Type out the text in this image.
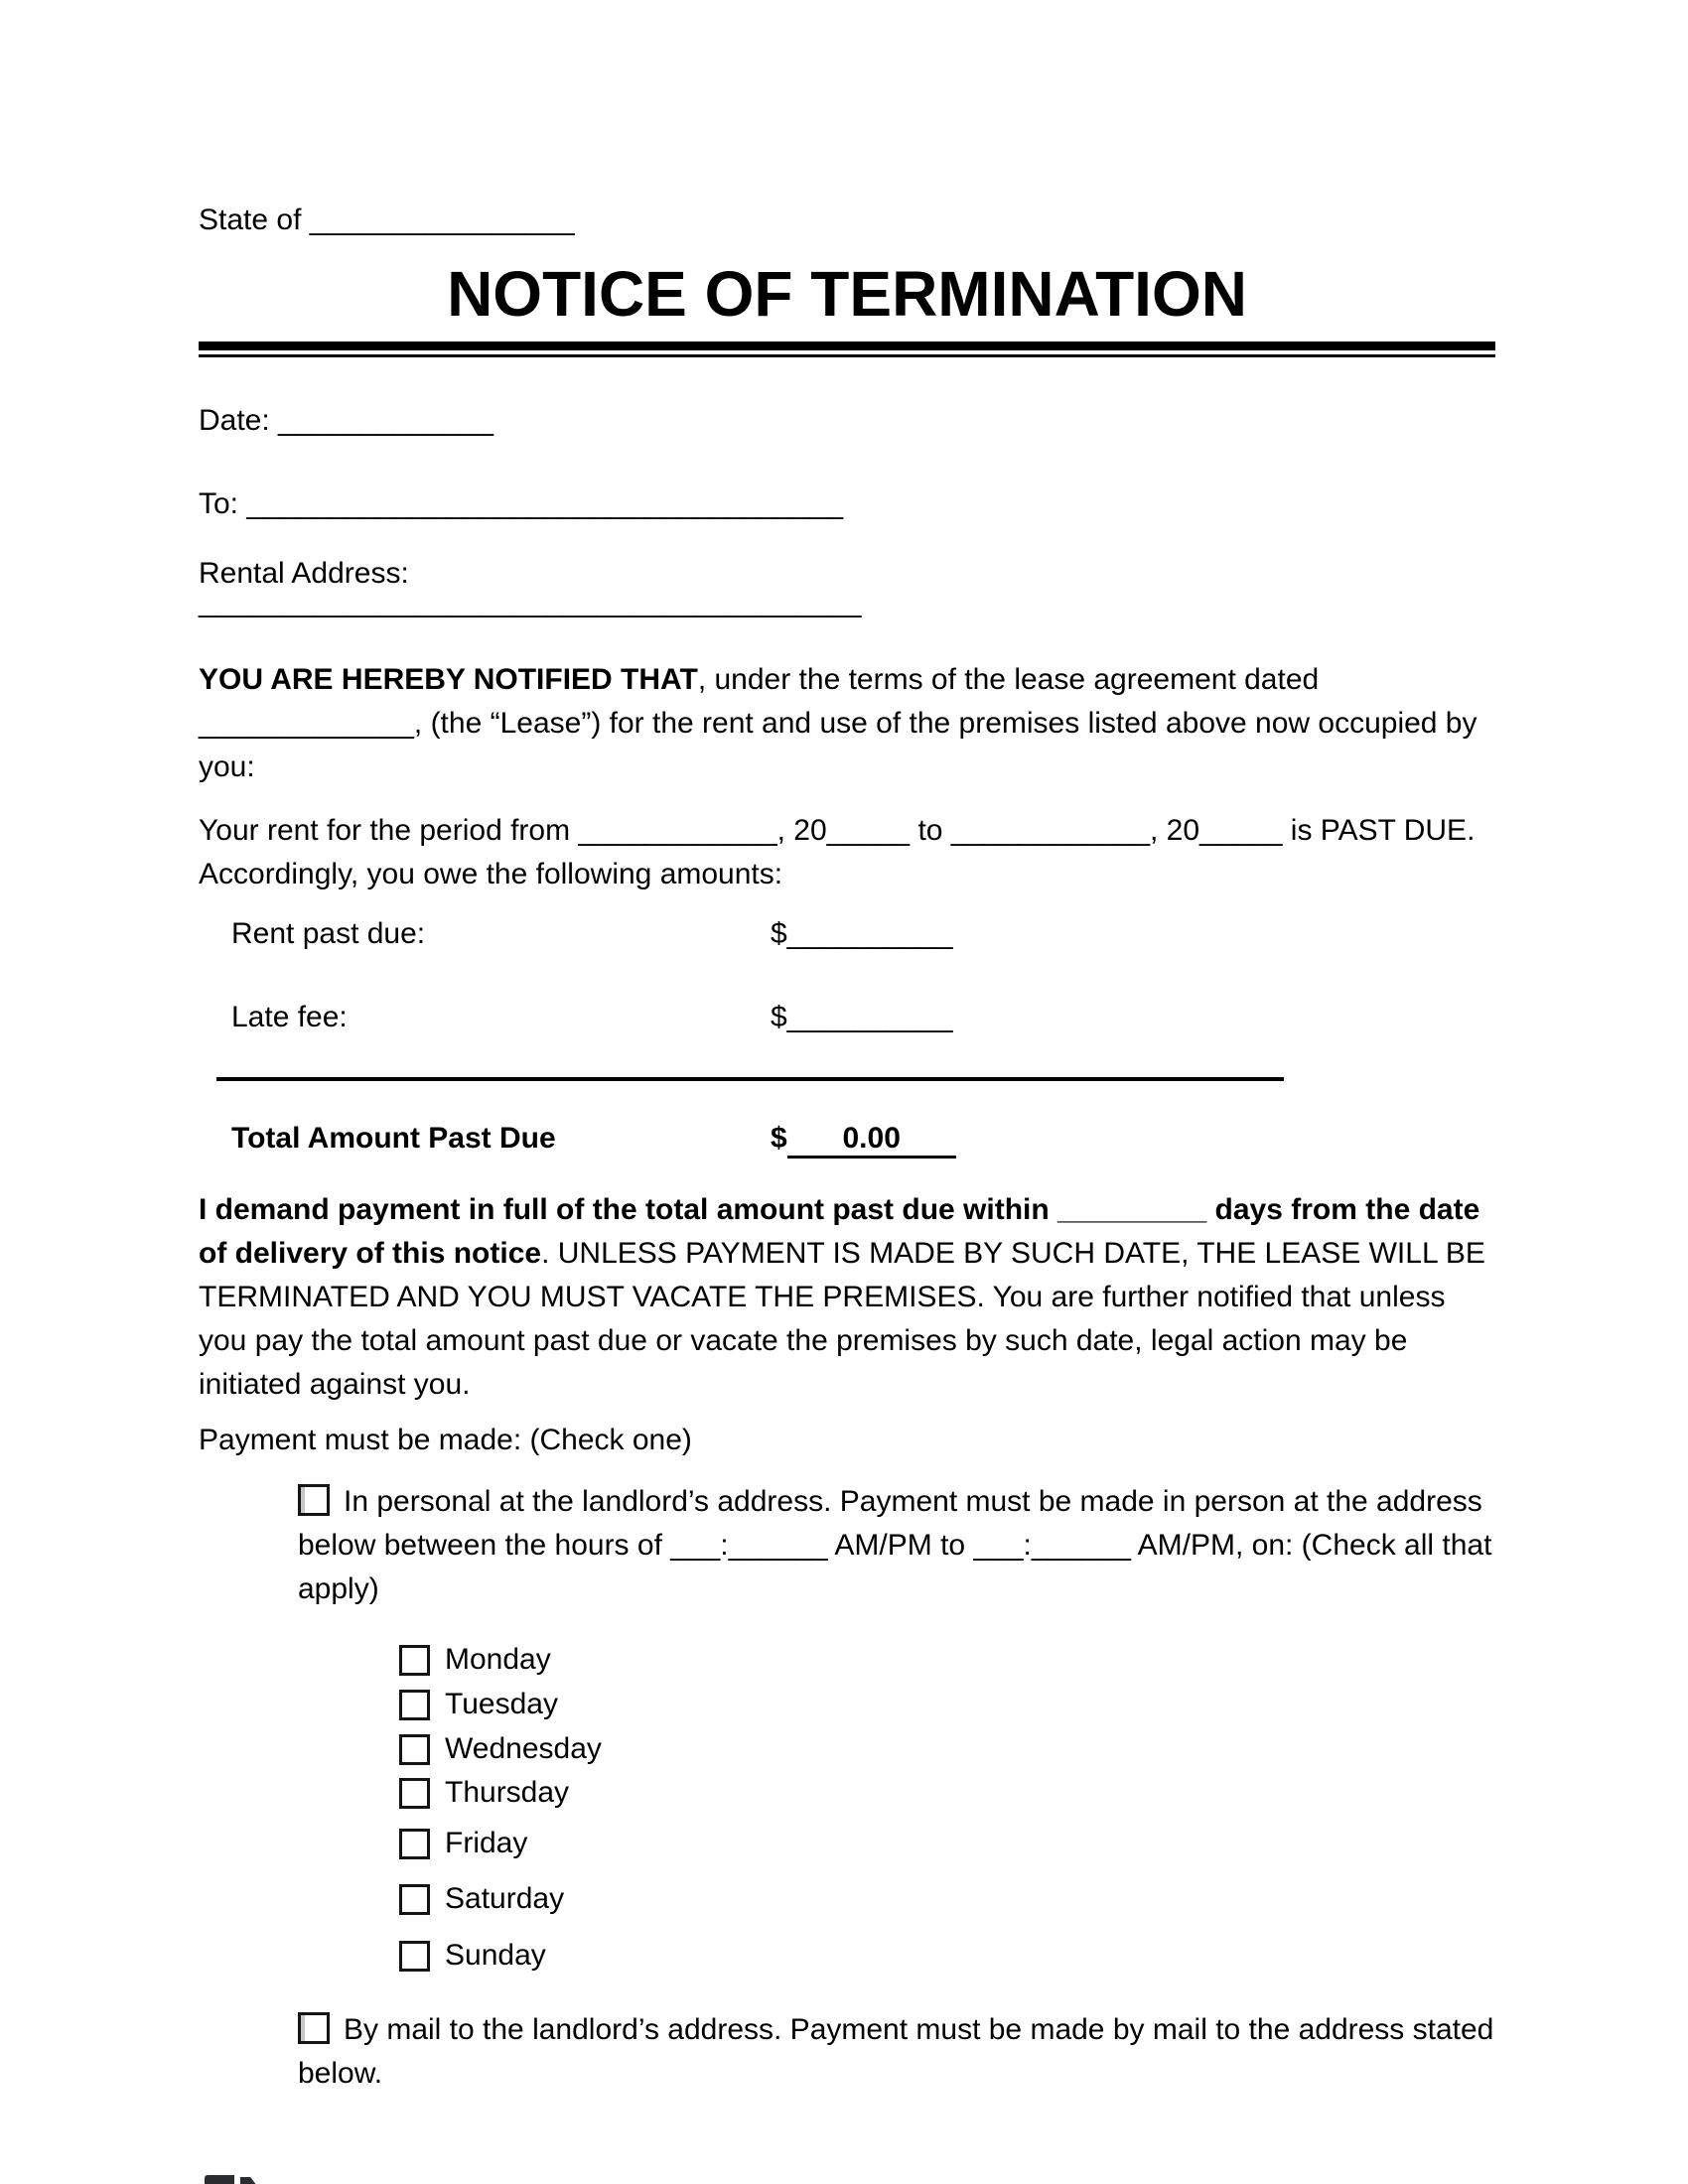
State of ________________
NOTICE OF TERMINATION
Date: _____________
To: ____________________________________
Rental Address:
________________________________________

YOU ARE HEREBY NOTIFIED THAT, under the terms of the lease agreement dated _____________, (the “Lease”) for the rent and use of the premises listed above now occupied by you:

Your rent for the period from ____________, 20_____ to ____________, 20_____ is PAST DUE. Accordingly, you owe the following amounts:

Rent past due:	$__________
Late fee:	$__________
Total Amount Past Due	$ 0.00

I demand payment in full of the total amount past due within _________ days from the date of delivery of this notice. UNLESS PAYMENT IS MADE BY SUCH DATE, THE LEASE WILL BE TERMINATED AND YOU MUST VACATE THE PREMISES. You are further notified that unless you pay the total amount past due or vacate the premises by such date, legal action may be initiated against you.

Payment must be made: (Check one)

In personal at the landlord’s address. Payment must be made in person at the address below between the hours of ___:______ AM/PM to ___:______ AM/PM, on: (Check all that apply)
Monday
Tuesday
Wednesday
Thursday
Friday
Saturday
Sunday
By mail to the landlord’s address. Payment must be made by mail to the address stated below.
